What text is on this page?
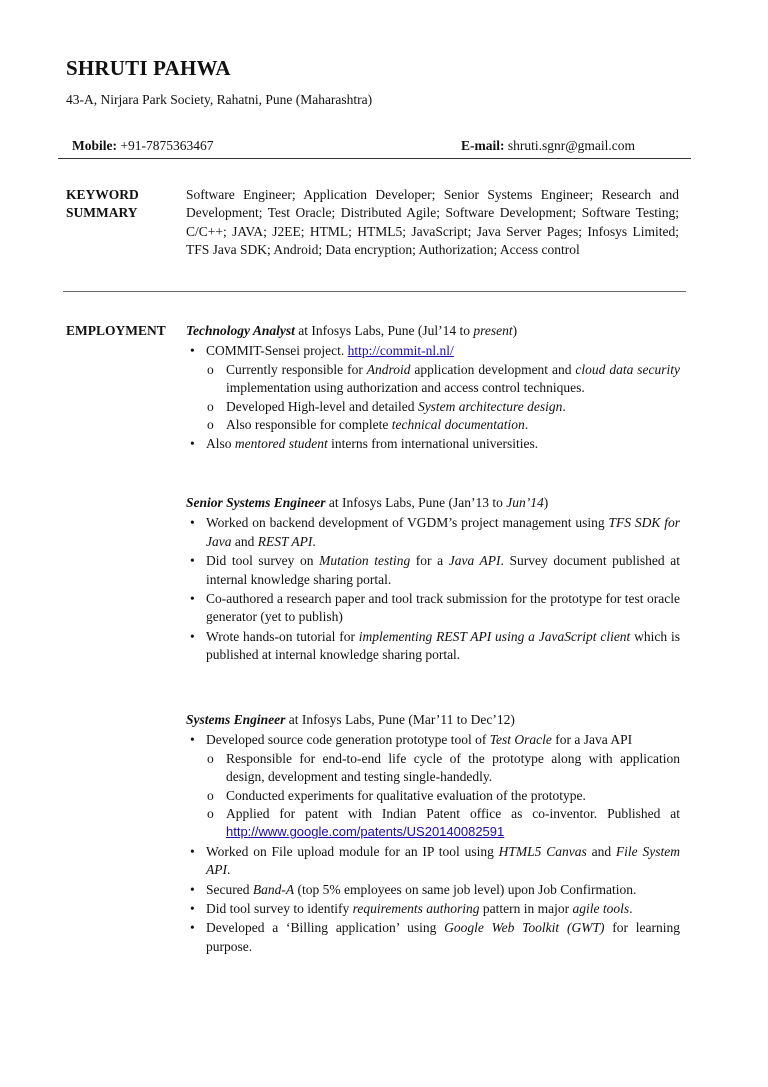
SHRUTI PAHWA
43-A, Nirjara Park Society, Rahatni, Pune (Maharashtra)
Mobile: +91-7875363467	E-mail: shruti.sgnr@gmail.com
KEYWORD
SUMMARY
Software Engineer; Application Developer; Senior Systems Engineer; Research and Development; Test Oracle; Distributed Agile; Software Development; Software Testing; C/C++; JAVA; J2EE; HTML; HTML5; JavaScript; Java Server Pages; Infosys Limited; TFS Java SDK; Android; Data encryption; Authorization; Access control
EMPLOYMENT Technology Analyst at Infosys Labs, Pune (Jul’14 to present)
• COMMIT-Sensei project. http://commit-nl.nl/
o Currently responsible for Android application development and cloud data security implementation using authorization and access control techniques.
o Developed High-level and detailed System architecture design.
o Also responsible for complete technical documentation.
• Also mentored student interns from international universities.
Senior Systems Engineer at Infosys Labs, Pune (Jan’13 to Jun’14)
• Worked on backend development of VGDM’s project management using TFS SDK for Java and REST API.
• Did tool survey on Mutation testing for a Java API. Survey document published at internal knowledge sharing portal.
• Co-authored a research paper and tool track submission for the prototype for test oracle generator (yet to publish)
• Wrote hands-on tutorial for implementing REST API using a JavaScript client which is published at internal knowledge sharing portal.
Systems Engineer at Infosys Labs, Pune (Mar’11 to Dec’12)
• Developed source code generation prototype tool of Test Oracle for a Java API
o Responsible for end-to-end life cycle of the prototype along with application design, development and testing single-handedly.
o Conducted experiments for qualitative evaluation of the prototype.
o Applied for patent with Indian Patent office as co-inventor. Published at http://www.google.com/patents/US20140082591
• Worked on File upload module for an IP tool using HTML5 Canvas and File System API.
• Secured Band-A (top 5% employees on same job level) upon Job Confirmation.
• Did tool survey to identify requirements authoring pattern in major agile tools.
• Developed a ‘Billing application’ using Google Web Toolkit (GWT) for learning purpose.
